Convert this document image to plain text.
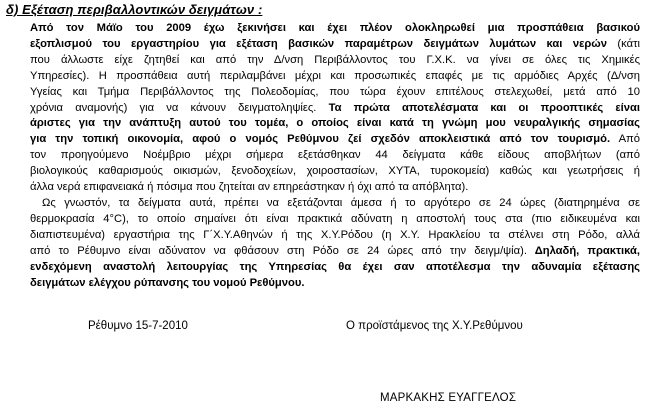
δ) Εξέταση περιβαλλοντικών δειγμάτων :

Από τον Μάϊο του 2009 έχω ξεκινήσει και έχει πλέον ολοκληρωθεί μια προσπάθεια βασικού
εξοπλισμού του εργαστηρίου για εξέταση βασικών παραμέτρων δειγμάτων λυμάτων και νερών (κάτι
που άλλωστε είχε ζητηθεί και από την Δ/νση Περιβάλλοντος του Γ.Χ.Κ. να γίνει σε όλες τις Χημικές
Υπηρεσίες). Η προσπάθεια αυτή περιλαμβάνει μέχρι και προσωπικές επαφές με τις αρμόδιες Αρχές (Δ/νση
Υγείας και Τμήμα Περιβάλλοντος της Πολεοδομίας, που τώρα έχουν επιτέλους στελεχωθεί, μετά από 10
χρόνια αναμονής) για να κάνουν δειγματοληψίες. Τα πρώτα αποτελέσματα και οι προοπτικές είναι
άριστες για την ανάπτυξη αυτού του τομέα, ο οποίος είναι κατά τη γνώμη μου νευραλγικής σημασίας
για την τοπική οικονομία, αφού ο νομός Ρεθύμνου ζεί σχεδόν αποκλειστικά από τον τουρισμό. Από
τον προηγούμενο Νοέμβριο μέχρι σήμερα εξετάσθηκαν 44 δείγματα κάθε είδους αποβλήτων (από
βιολογικούς καθαρισμούς οικισμών, ξενοδοχείων, χοιροστασίων, ΧΥΤΑ, τυροκομεία) καθώς και γεωτρήσεις ή
άλλα νερά επιφανειακά ή πόσιμα που ζητείται αν επηρεάστηκαν ή όχι από τα απόβλητα).

Ως γνωστόν, τα δείγματα αυτά, πρέπει να εξετάζονται άμεσα ή το αργότερο σε 24 ώρες (διατηρημένα σε
θερμοκρασία 4°C), το οποίο σημαίνει ότι είναι πρακτικά αδύνατη η αποστολή τους στα (πιο ειδικευμένα και
διαπιστευμένα) εργαστήρια της Γ΄Χ.Υ.Αθηνών ή της Χ.Υ.Ρόδου (η Χ.Υ. Ηρακλείου τα στέλνει στη Ρόδο, αλλά
από το Ρέθυμνο είναι αδύνατον να φθάσουν στη Ρόδο σε 24 ώρες από την δειγμ/ψία). Δηλαδή, πρακτικά,
ενδεχόμενη αναστολή λειτουργίας της Υπηρεσίας θα έχει σαν αποτέλεσμα την αδυναμία εξέτασης
δειγμάτων ελέγχου ρύπανσης του νομού Ρεθύμνου.

Ρέθυμνο 15-7-2010	Ο προϊστάμενος της Χ.Υ.Ρεθύμνου
ΜΑΡΚΑΚΗΣ ΕΥΑΓΓΕΛΟΣ
